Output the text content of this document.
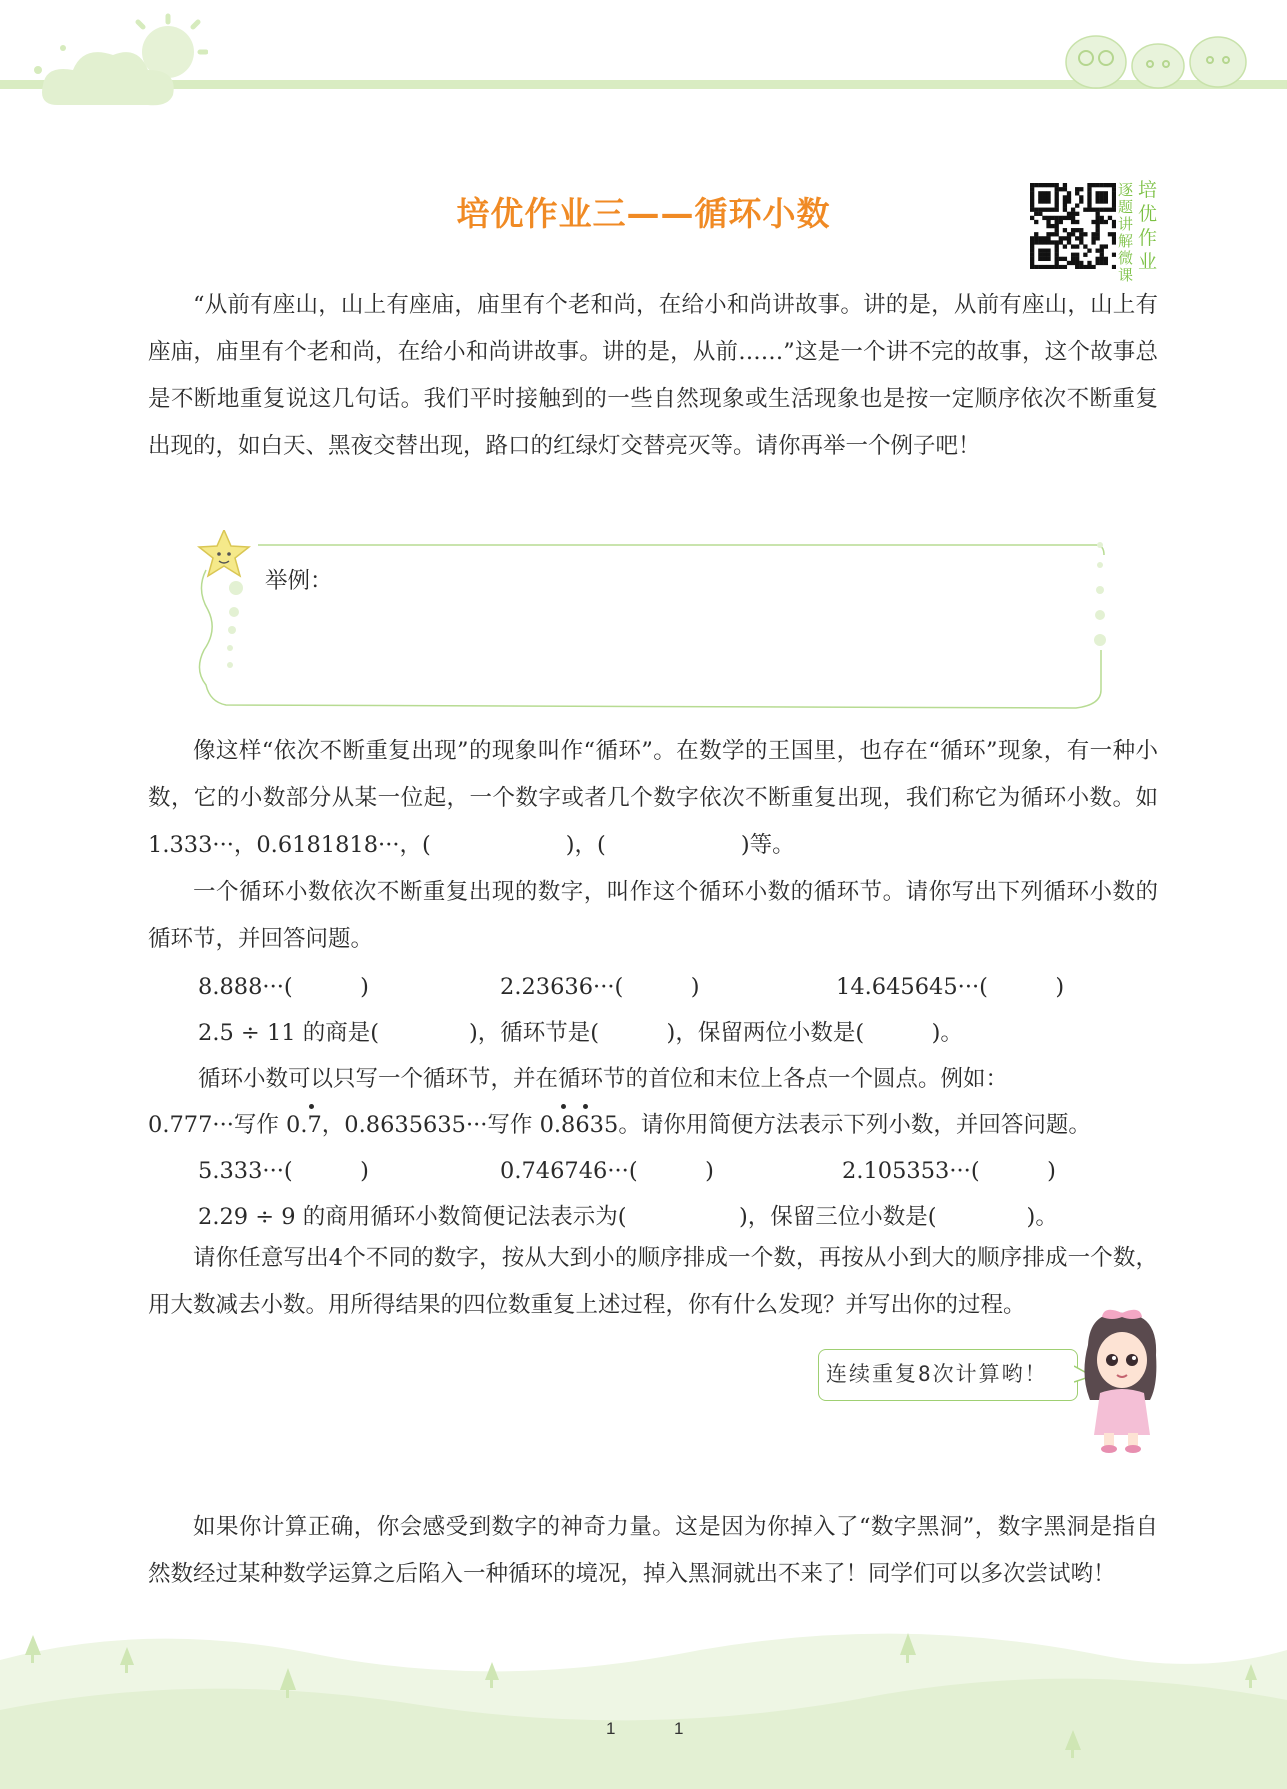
培优作业三——循环小数
逐题讲解微课
培优作业

“从前有座山，山上有座庙，庙里有个老和尚，在给小和尚讲故事。讲的是，从前有座山，山上有座庙，庙里有个老和尚，在给小和尚讲故事。讲的是，从前……”这是一个讲不完的故事，这个故事总是不断地重复说这几句话。我们平时接触到的一些自然现象或生活现象也是按一定顺序依次不断重复出现的，如白天、黑夜交替出现，路口的红绿灯交替亮灭等。请你再举一个例子吧！

举例：

像这样“依次不断重复出现”的现象叫作“循环”。在数学的王国里，也存在“循环”现象，有一种小数，它的小数部分从某一位起，一个数字或者几个数字依次不断重复出现，我们称它为循环小数。如1.333···，0.6181818···，(　　　　　　)，(　　　　　　)等。

一个循环小数依次不断重复出现的数字，叫作这个循环小数的循环节。请你写出下列循环小数的循环节，并回答问题。

8.888···(　　　)	2.23636···(　　　)	14.645645···(　　　)
2.5 ÷ 11 的商是(　　　　)，循环节是(　　　)，保留两位小数是(　　　)。
循环小数可以只写一个循环节，并在循环节的首位和末位上各点一个圆点。例如：
0.777···写作 0.7，0.8635635···写作 0.8635。请你用简便方法表示下列小数，并回答问题。
5.333···(　　　)	0.746746···(　　　)	2.105353···(　　　)
2.29 ÷ 9 的商用循环小数简便记法表示为(　　　　　)，保留三位小数是(　　　　)。

请你任意写出4个不同的数字，按从大到小的顺序排成一个数，再按从小到大的顺序排成一个数，用大数减去小数。用所得结果的四位数重复上述过程，你有什么发现？并写出你的过程。

连续重复8次计算哟！

如果你计算正确，你会感受到数字的神奇力量。这是因为你掉入了“数字黑洞”，数字黑洞是指自然数经过某种数学运算之后陷入一种循环的境况，掉入黑洞就出不来了！同学们可以多次尝试哟！

1	1
